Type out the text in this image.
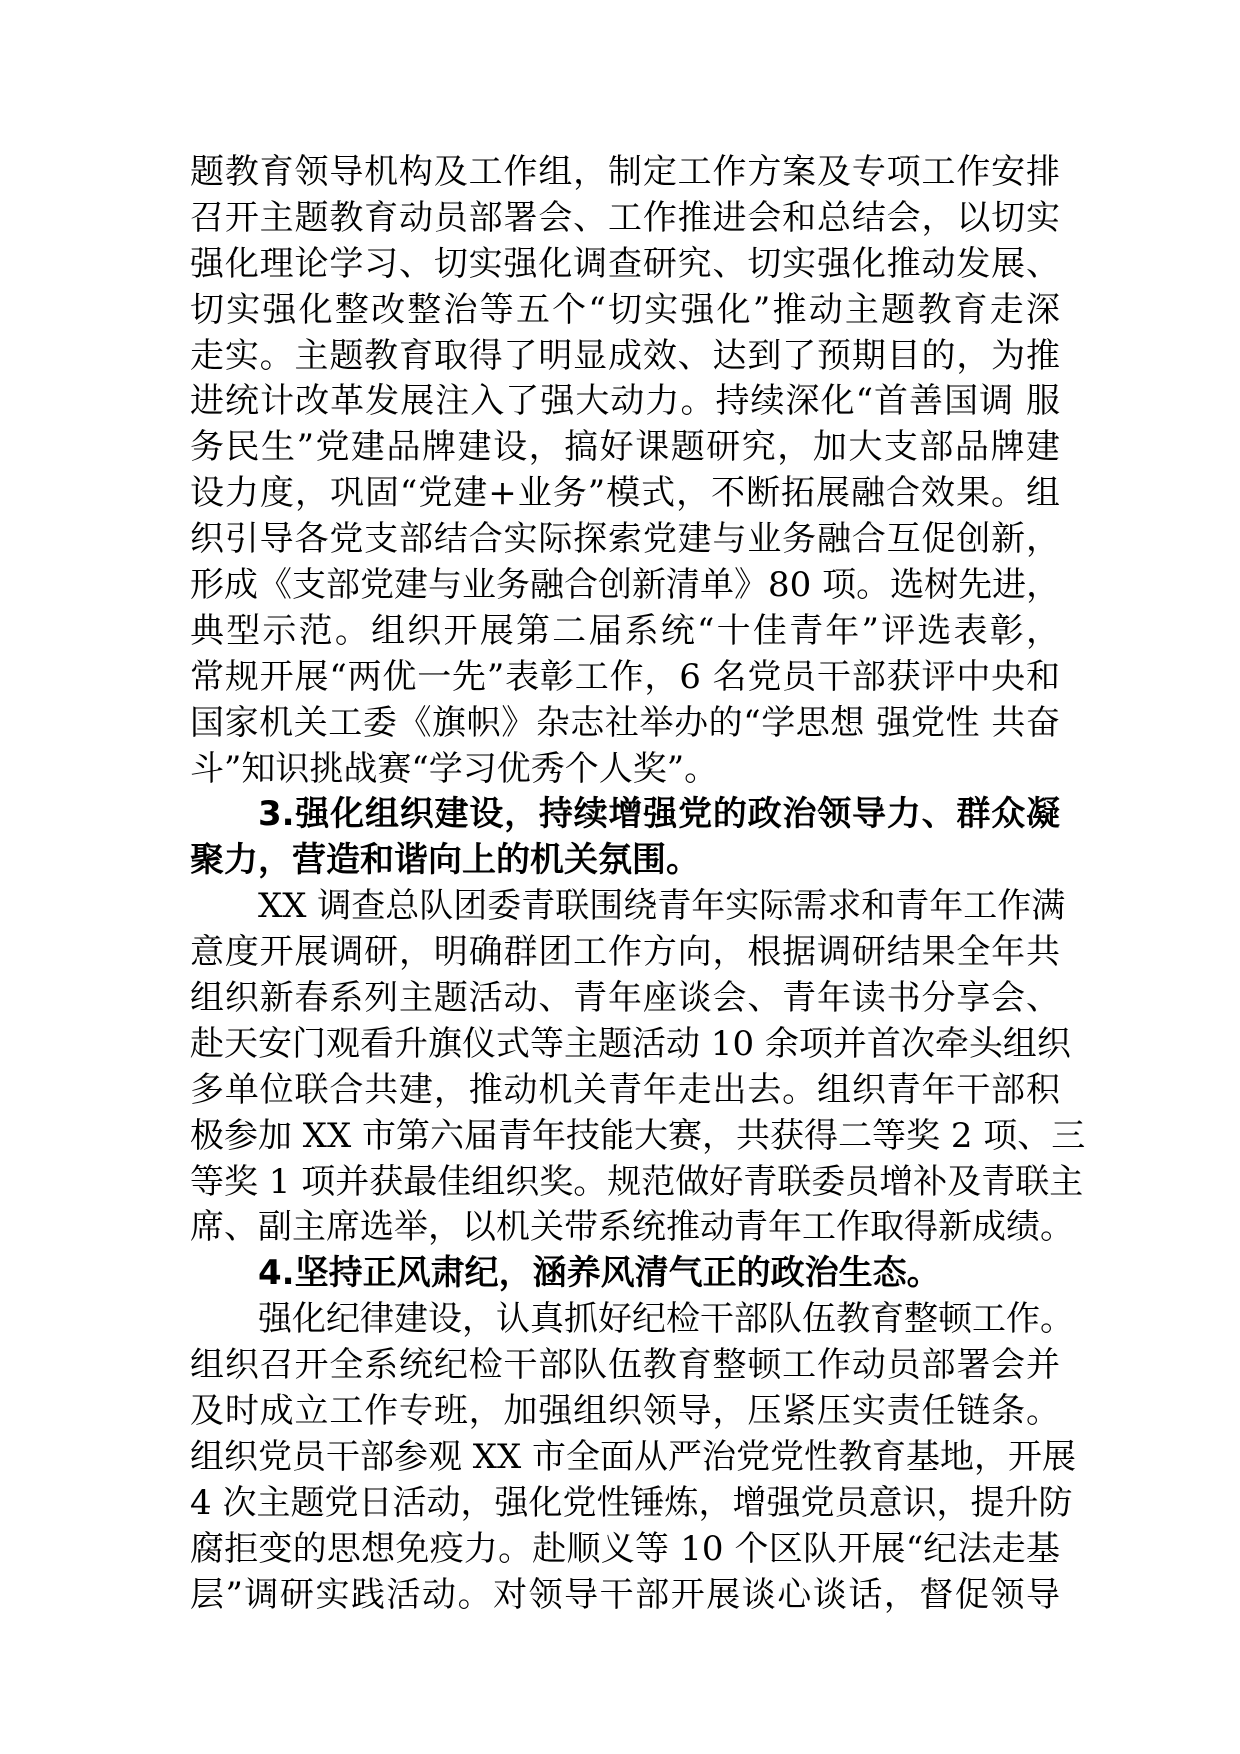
题教育领导机构及工作组，制定工作方案及专项工作安排
召开主题教育动员部署会、工作推进会和总结会，以切实
强化理论学习、切实强化调查研究、切实强化推动发展、
切实强化整改整治等五个“切实强化”推动主题教育走深
走实。主题教育取得了明显成效、达到了预期目的，为推
进统计改革发展注入了强大动力。持续深化“首善国调 服
务民生”党建品牌建设，搞好课题研究，加大支部品牌建
设力度，巩固“党建+业务”模式，不断拓展融合效果。组
织引导各党支部结合实际探索党建与业务融合互促创新，
形成《支部党建与业务融合创新清单》80 项。选树先进，
典型示范。组织开展第二届系统“十佳青年”评选表彰，
常规开展“两优一先”表彰工作，6 名党员干部获评中央和
国家机关工委《旗帜》杂志社举办的“学思想 强党性 共奋
斗”知识挑战赛“学习优秀个人奖”。
3.强化组织建设，持续增强党的政治领导力、群众凝
聚力，营造和谐向上的机关氛围。
XX 调查总队团委青联围绕青年实际需求和青年工作满
意度开展调研，明确群团工作方向，根据调研结果全年共
组织新春系列主题活动、青年座谈会、青年读书分享会、
赴天安门观看升旗仪式等主题活动 10 余项并首次牵头组织
多单位联合共建，推动机关青年走出去。组织青年干部积
极参加 XX 市第六届青年技能大赛，共获得二等奖 2 项、三
等奖 1 项并获最佳组织奖。规范做好青联委员增补及青联主
席、副主席选举，以机关带系统推动青年工作取得新成绩。
4.坚持正风肃纪，涵养风清气正的政治生态。
强化纪律建设，认真抓好纪检干部队伍教育整顿工作。
组织召开全系统纪检干部队伍教育整顿工作动员部署会并
及时成立工作专班，加强组织领导，压紧压实责任链条。
组织党员干部参观 XX 市全面从严治党党性教育基地，开展
4 次主题党日活动，强化党性锤炼，增强党员意识，提升防
腐拒变的思想免疫力。赴顺义等 10 个区队开展“纪法走基
层”调研实践活动。对领导干部开展谈心谈话，督促领导
